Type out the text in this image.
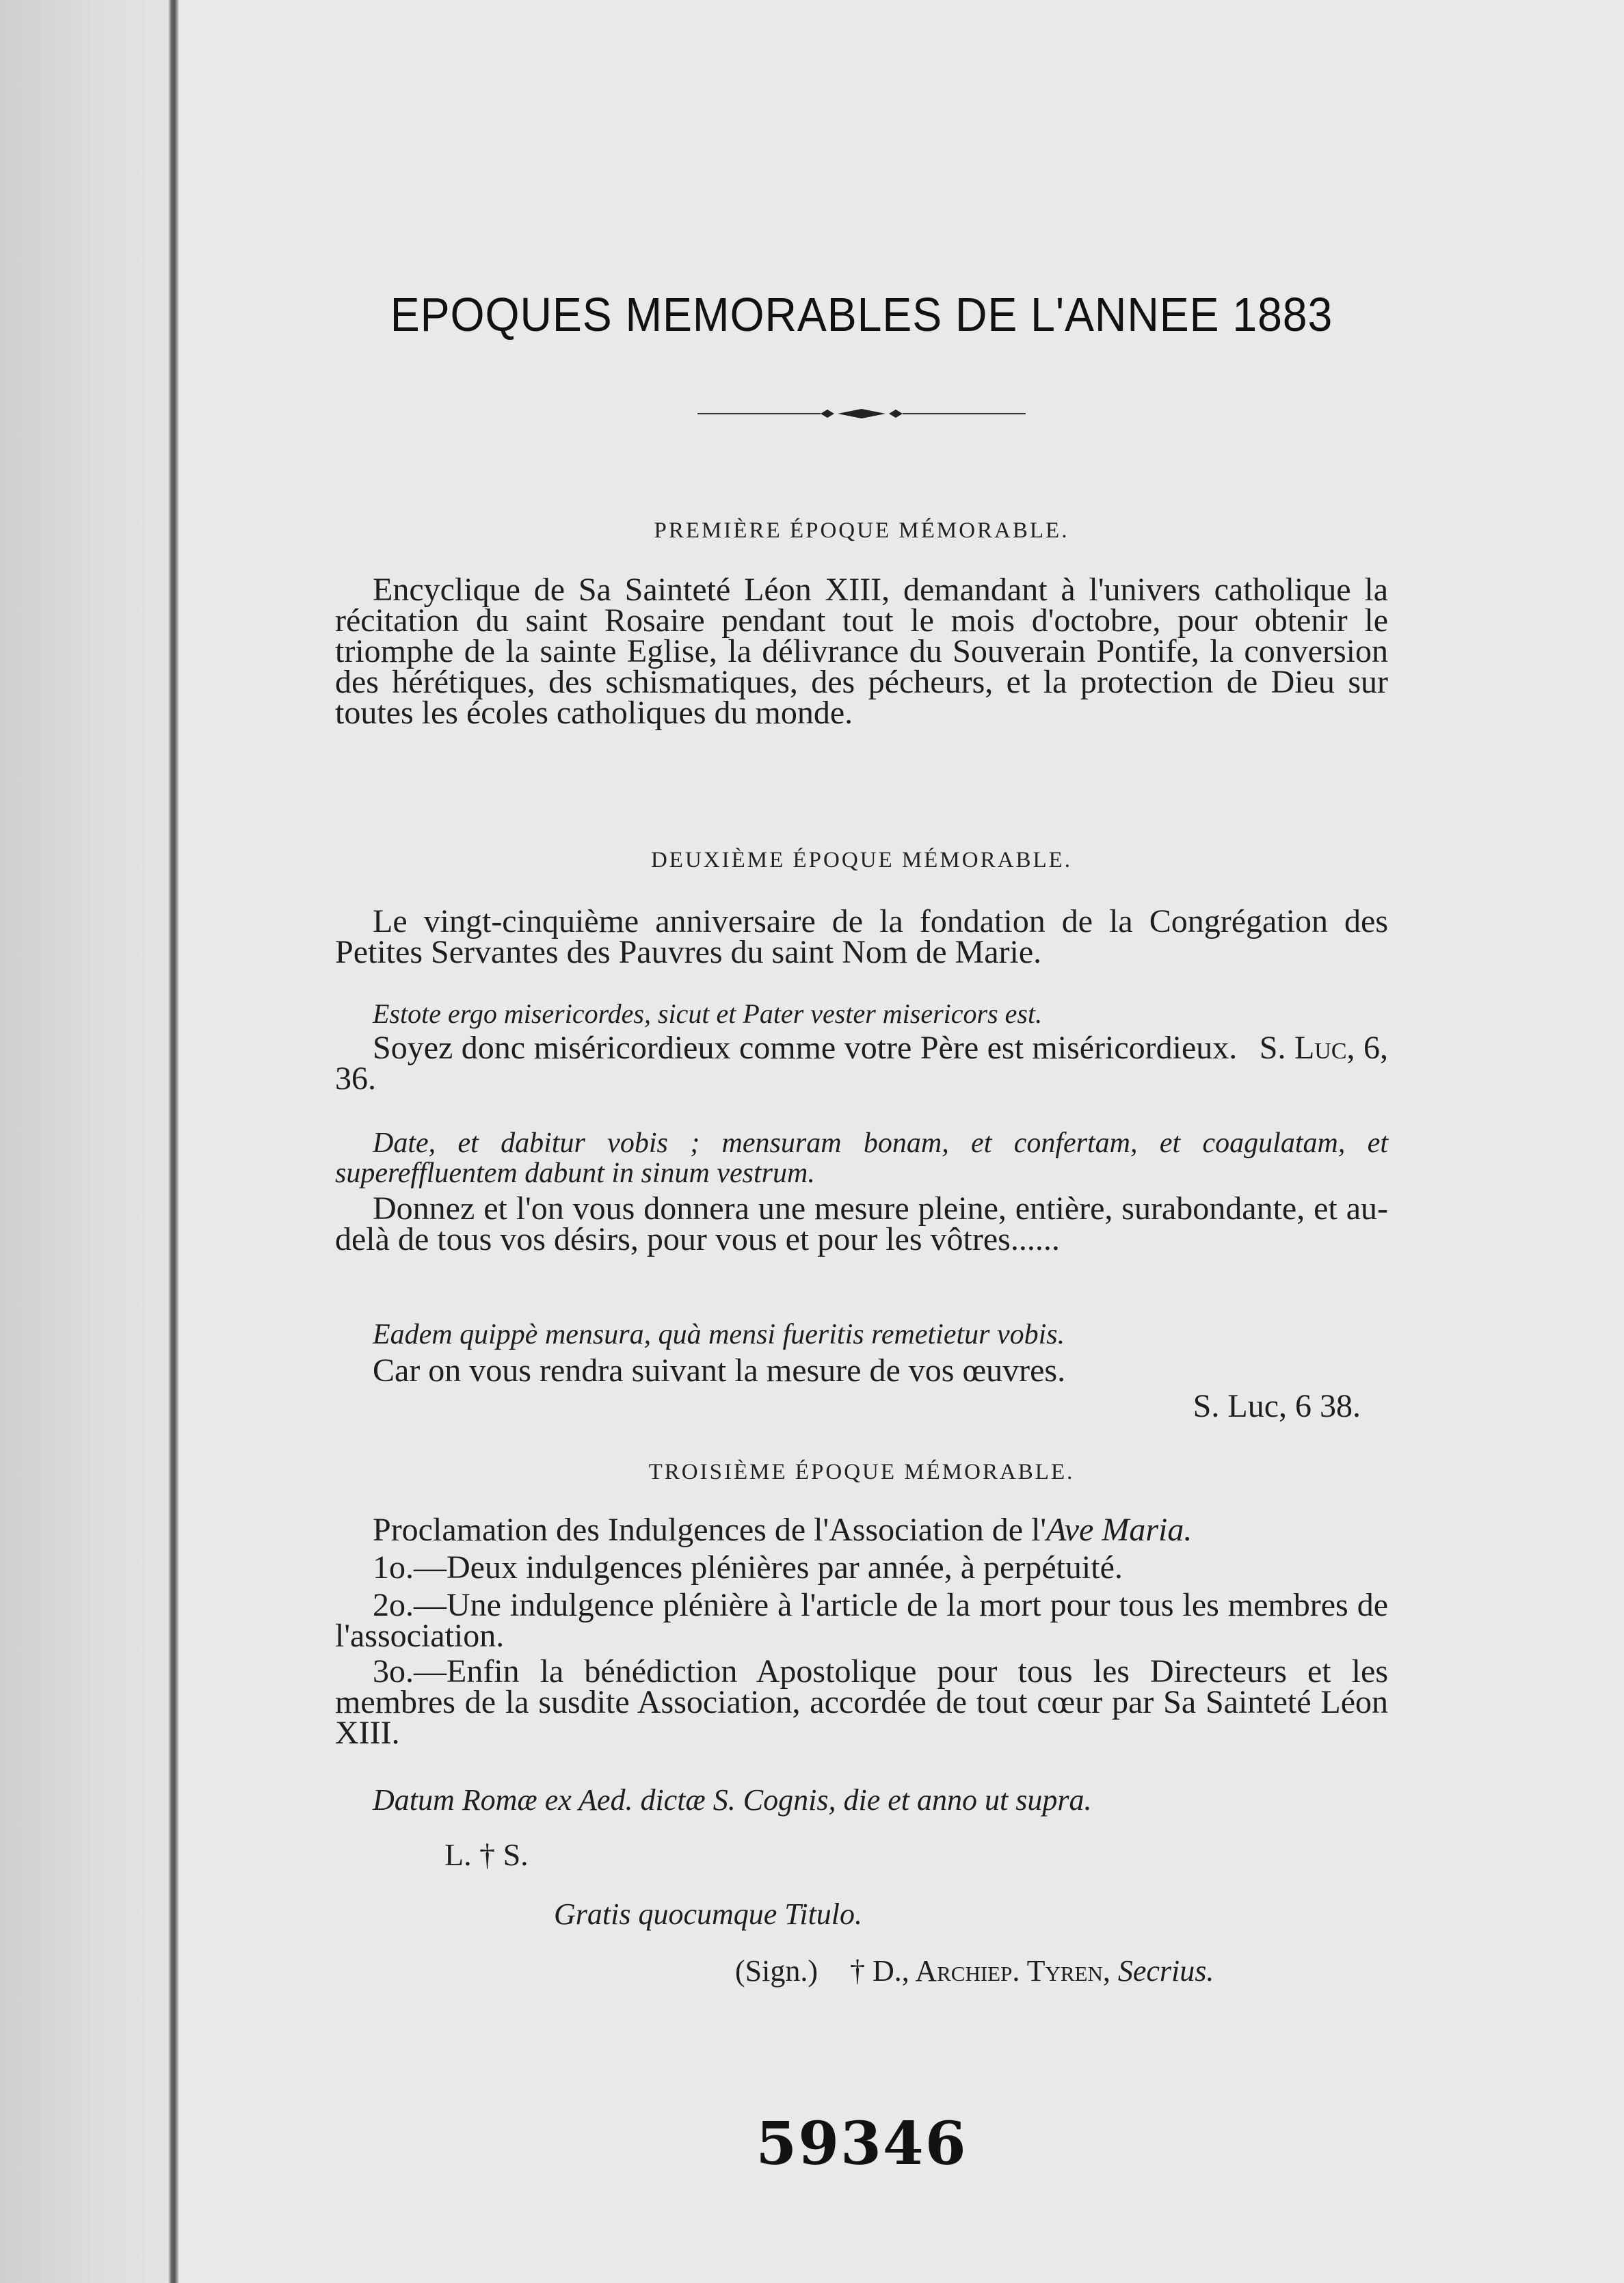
EPOQUES MEMORABLES DE L'ANNEE 1883
PREMIÈRE ÉPOQUE MÉMORABLE.
Encyclique de Sa Sainteté Léon XIII, demandant à l'univers catholique la récitation du saint Rosaire pendant tout le mois d'octobre, pour obtenir le triomphe de la sainte Eglise, la délivrance du Souverain Pontife, la conversion des hérétiques, des schismatiques, des pécheurs, et la protection de Dieu sur toutes les écoles catholiques du monde.
DEUXIÈME ÉPOQUE MÉMORABLE.
Le vingt-cinquième anniversaire de la fondation de la Congrégation des Petites Servantes des Pauvres du saint Nom de Marie.
Estote ergo misericordes, sicut et Pater vester misericors est.
Soyez donc miséricordieux comme votre Père est miséricordieux. S. Luc, 6, 36.
Date, et dabitur vobis ; mensuram bonam, et confertam, et coagulatam, et supereffluentem dabunt in sinum vestrum.
Donnez et l'on vous donnera une mesure pleine, entière, surabondante, et au-delà de tous vos désirs, pour vous et pour les vôtres......
Eadem quippè mensura, quà mensi fueritis remetietur vobis.
Car on vous rendra suivant la mesure de vos œuvres.
S. Luc, 6 38.
TROISIÈME ÉPOQUE MÉMORABLE.
Proclamation des Indulgences de l'Association de l'Ave Maria.
1o.—Deux indulgences plénières par année, à perpétuité.
2o.—Une indulgence plénière à l'article de la mort pour tous les membres de l'association.
3o.—Enfin la bénédiction Apostolique pour tous les Directeurs et les membres de la susdite Association, accordée de tout cœur par Sa Sainteté Léon XIII.
Datum Romæ ex Aed. dictæ S. Cognis, die et anno ut supra.
L. † S.
Gratis quocumque Titulo.
(Sign.) † D., Archiep. Tyren, Secrius.
59346
